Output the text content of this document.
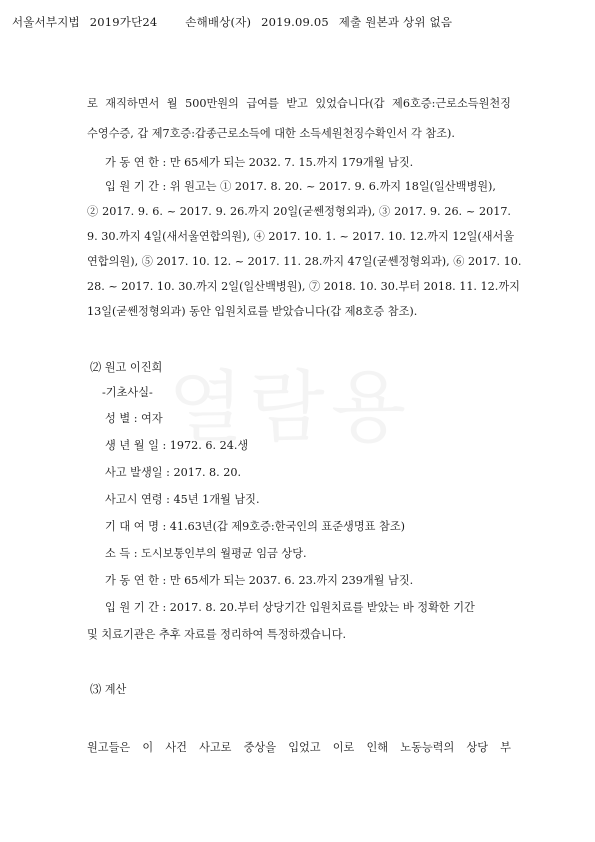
서울서부지법 2019가단24 손해배상(자) 2019.09.05 제출 원본과 상위 없음
로 재직하면서 월 500만원의 급여를 받고 있었습니다(갑 제6호증:근로소득원천징
수영수증, 갑 제7호증:갑종근로소득에 대한 소득세원천징수확인서 각 참조).
가 동 연 한 : 만 65세가 되는 2032. 7. 15.까지 179개월 남짓.
입 원 기 간 : 위 원고는 ① 2017. 8. 20. ~ 2017. 9. 6.까지 18일(일산백병원),
② 2017. 9. 6. ~ 2017. 9. 26.까지 20일(굳쎈정형외과), ③ 2017. 9. 26. ~ 2017.
9. 30.까지 4일(새서울연합의원), ④ 2017. 10. 1. ~ 2017. 10. 12.까지 12일(새서울
연합의원), ⑤ 2017. 10. 12. ~ 2017. 11. 28.까지 47일(굳쎈정형외과), ⑥ 2017. 10.
28. ~ 2017. 10. 30.까지 2일(일산백병원), ⑦ 2018. 10. 30.부터 2018. 11. 12.까지
13일(굳쎈정형외과) 동안 입원치료를 받았습니다(갑 제8호증 참조).
⑵ 원고 이진희
-기초사실-
성 별 : 여자
생 년 월 일 : 1972. 6. 24.생
사고 발생일 : 2017. 8. 20.
사고시 연령 : 45년 1개월 남짓.
기 대 여 명 : 41.63년(갑 제9호증:한국인의 표준생명표 참조)
소 득 : 도시보통인부의 월평균 임금 상당.
가 동 연 한 : 만 65세가 되는 2037. 6. 23.까지 239개월 남짓.
입 원 기 간 : 2017. 8. 20.부터 상당기간 입원치료를 받았는 바 정확한 기간
및 치료기관은 추후 자료를 정리하여 특정하겠습니다.
⑶ 계산
원고들은 이 사건 사고로 중상을 입었고 이로 인해 노동능력의 상당 부
